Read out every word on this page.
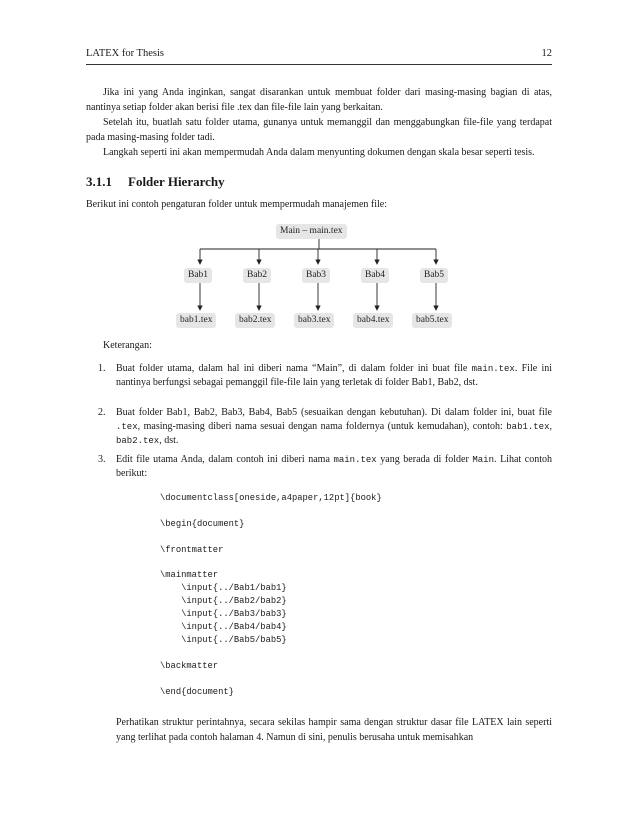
LATEX for Thesis	12

Jika ini yang Anda inginkan, sangat disarankan untuk membuat folder dari masing-masing bagian di atas, nantinya setiap folder akan berisi file .tex dan file-file lain yang berkaitan.

Setelah itu, buatlah satu folder utama, gunanya untuk memanggil dan menggabungkan file-file yang terdapat pada masing-masing folder tadi.

Langkah seperti ini akan mempermudah Anda dalam menyunting dokumen dengan skala besar seperti tesis.

3.1.1 Folder Hierarchy

Berikut ini contoh pengaturan folder untuk mempermudah manajemen file:

Main – main.tex
Bab1	Bab2	Bab3	Bab4	Bab5
bab1.tex	bab2.tex	bab3.tex	bab4.tex	bab5.tex
Keterangan:
1. Buat folder utama, dalam hal ini diberi nama “Main”, di dalam folder ini buat file main.tex. File ini nantinya berfungsi sebagai pemanggil file-file lain yang terletak di folder Bab1, Bab2, dst.
2. Buat folder Bab1, Bab2, Bab3, Bab4, Bab5 (sesuaikan dengan kebutuhan). Di dalam folder ini, buat file .tex, masing-masing diberi nama sesuai dengan nama foldernya (untuk kemudahan), contoh: bab1.tex, bab2.tex, dst.
3. Edit file utama Anda, dalam contoh ini diberi nama main.tex yang berada di folder Main. Lihat contoh berikut:
\documentclass[oneside,a4paper,12pt]{book}
\begin{document}
\frontmatter
\mainmatter
\input{../Bab1/bab1}
\input{../Bab2/bab2}
\input{../Bab3/bab3}
\input{../Bab4/bab4}
\input{../Bab5/bab5}
\backmatter
\end{document}

Perhatikan struktur perintahnya, secara sekilas hampir sama dengan struktur dasar file LATEX lain seperti yang terlihat pada contoh halaman 4. Namun di sini, penulis berusaha untuk memisahkan
